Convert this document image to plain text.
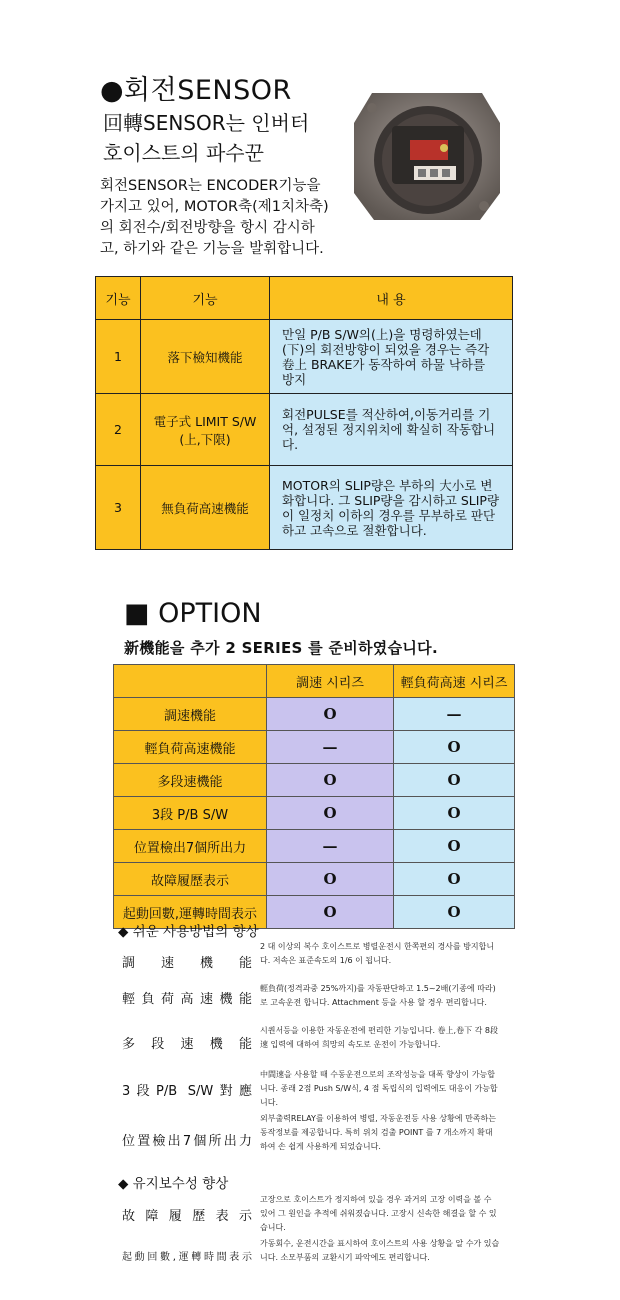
●회전SENSOR
回轉SENSOR는 인버터
호이스트의 파수꾼
회전SENSOR는 ENCODER기능을 가지고 있어, MOTOR축(제1치차축)의 회전수/회전방향을 항시 감시하고, 하기와 같은 기능을 발휘합니다.
기능	기능	내 용
1	落下檢知機能	만일 P/B S/W의(上)을 명령하였는데(下)의 회전방향이 되었을 경우는 즉각 卷上 BRAKE가 동작하여 하물 낙하를 방지
2	電子式 LIMIT S/W (上,下限)	회전PULSE를 적산하여,이동거리를 기억, 설정된 정지위치에 확실히 작동합니다.
3	無負荷高速機能	MOTOR의 SLIP량은 부하의 大小로 변화합니다. 그 SLIP량을 감시하고 SLIP량이 일정치 이하의 경우를 무부하로 판단하고 고속으로 절환합니다.
■ OPTION
新機能을 추가 2 SERIES 를 준비하였습니다.
	調速 시리즈	輕負荷高速 시리즈
調速機能	O	—
輕負荷高速機能	—	O
多段速機能	O	O
3段 P/B S/W	O	O
位置檢出7個所出力	—	O
故障履歷表示	O	O
起動回數,運轉時間表示	O	O
◆ 쉬운 사용방법의 향상
調速機能
2 대 이상의 복수 호이스트로 병렬운전시 한쪽편의 경사를 방지합니다. 저속은 표준속도의 1/6 이 됩니다.
輕負荷高速機能
輕負荷(정격과중 25%까지)를 자동판단하고 1.5~2배(기종에 따라)로 고속운전 합니다. Attachment 등을 사용 할 경우 편리합니다.
多段速機能
시퀀서등을 이용한 자동운전에 편리한 기능입니다. 卷上,卷下 각 8段速 입력에 대하여 희망의 속도로 운전이 가능합니다.
3段P/B S/W對應
中間速을 사용할 때 수동운전으로의 조작성능을 대폭 향상이 가능합니다. 종래 2점 Push S/W식, 4 점 독립식의 입력에도 대응이 가능합니다.
位置檢出7個所出力
외부출력RELAY를 이용하여 병렬, 자동운전등 사용 상황에 만족하는 동작정보를 제공합니다. 특히 위치 검출 POINT 를 7 개소까지 확대하여 손 쉽게 사용하게 되었습니다.
◆ 유지보수성 향상
故障履歷表示
고장으로 호이스트가 정지하여 있을 경우 과거의 고장 이력을 볼 수 있어 그 원인을 추적에 쉬워졌습니다. 고장시 신속한 해결을 할 수 있습니다.
起動回數,運轉時間表示
가동회수, 운전시간을 표시하여 호이스트의 사용 상황을 알 수가 있습니다. 소모부품의 교환시기 파악에도 편리합니다.
